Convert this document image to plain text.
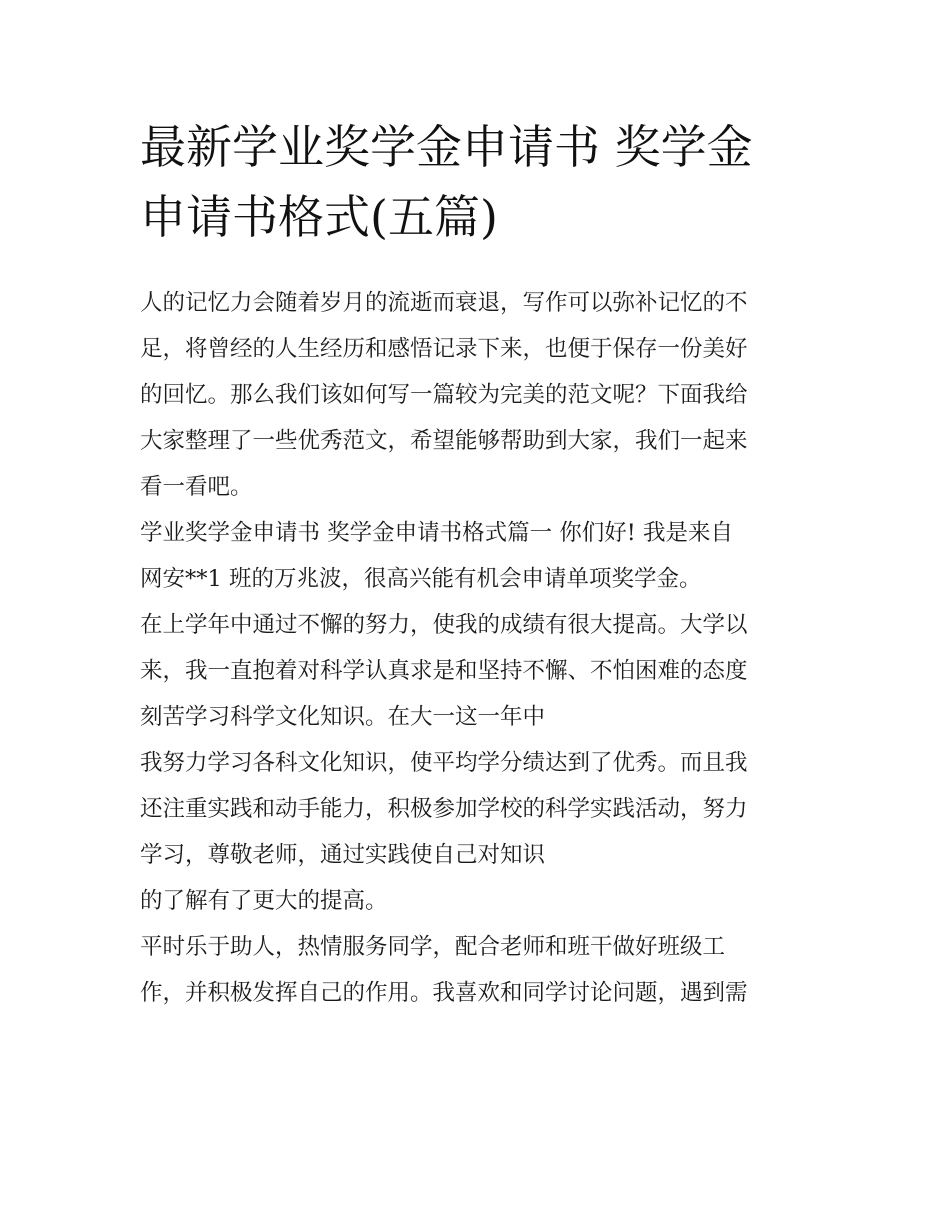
最新学业奖学金申请书 奖学金
申请书格式(五篇)
人的记忆力会随着岁月的流逝而衰退，写作可以弥补记忆的不
足，将曾经的人生经历和感悟记录下来，也便于保存一份美好
的回忆。那么我们该如何写一篇较为完美的范文呢？下面我给
大家整理了一些优秀范文，希望能够帮助到大家，我们一起来
看一看吧。
学业奖学金申请书 奖学金申请书格式篇一 你们好! 我是来自
网安**1 班的万兆波，很高兴能有机会申请单项奖学金。
在上学年中通过不懈的努力，使我的成绩有很大提高。大学以
来，我一直抱着对科学认真求是和坚持不懈、不怕困难的态度
刻苦学习科学文化知识。在大一这一年中
我努力学习各科文化知识，使平均学分绩达到了优秀。而且我
还注重实践和动手能力，积极参加学校的科学实践活动，努力
学习，尊敬老师，通过实践使自己对知识
的了解有了更大的提高。
平时乐于助人，热情服务同学，配合老师和班干做好班级工
作，并积极发挥自己的作用。我喜欢和同学讨论问题，遇到需
